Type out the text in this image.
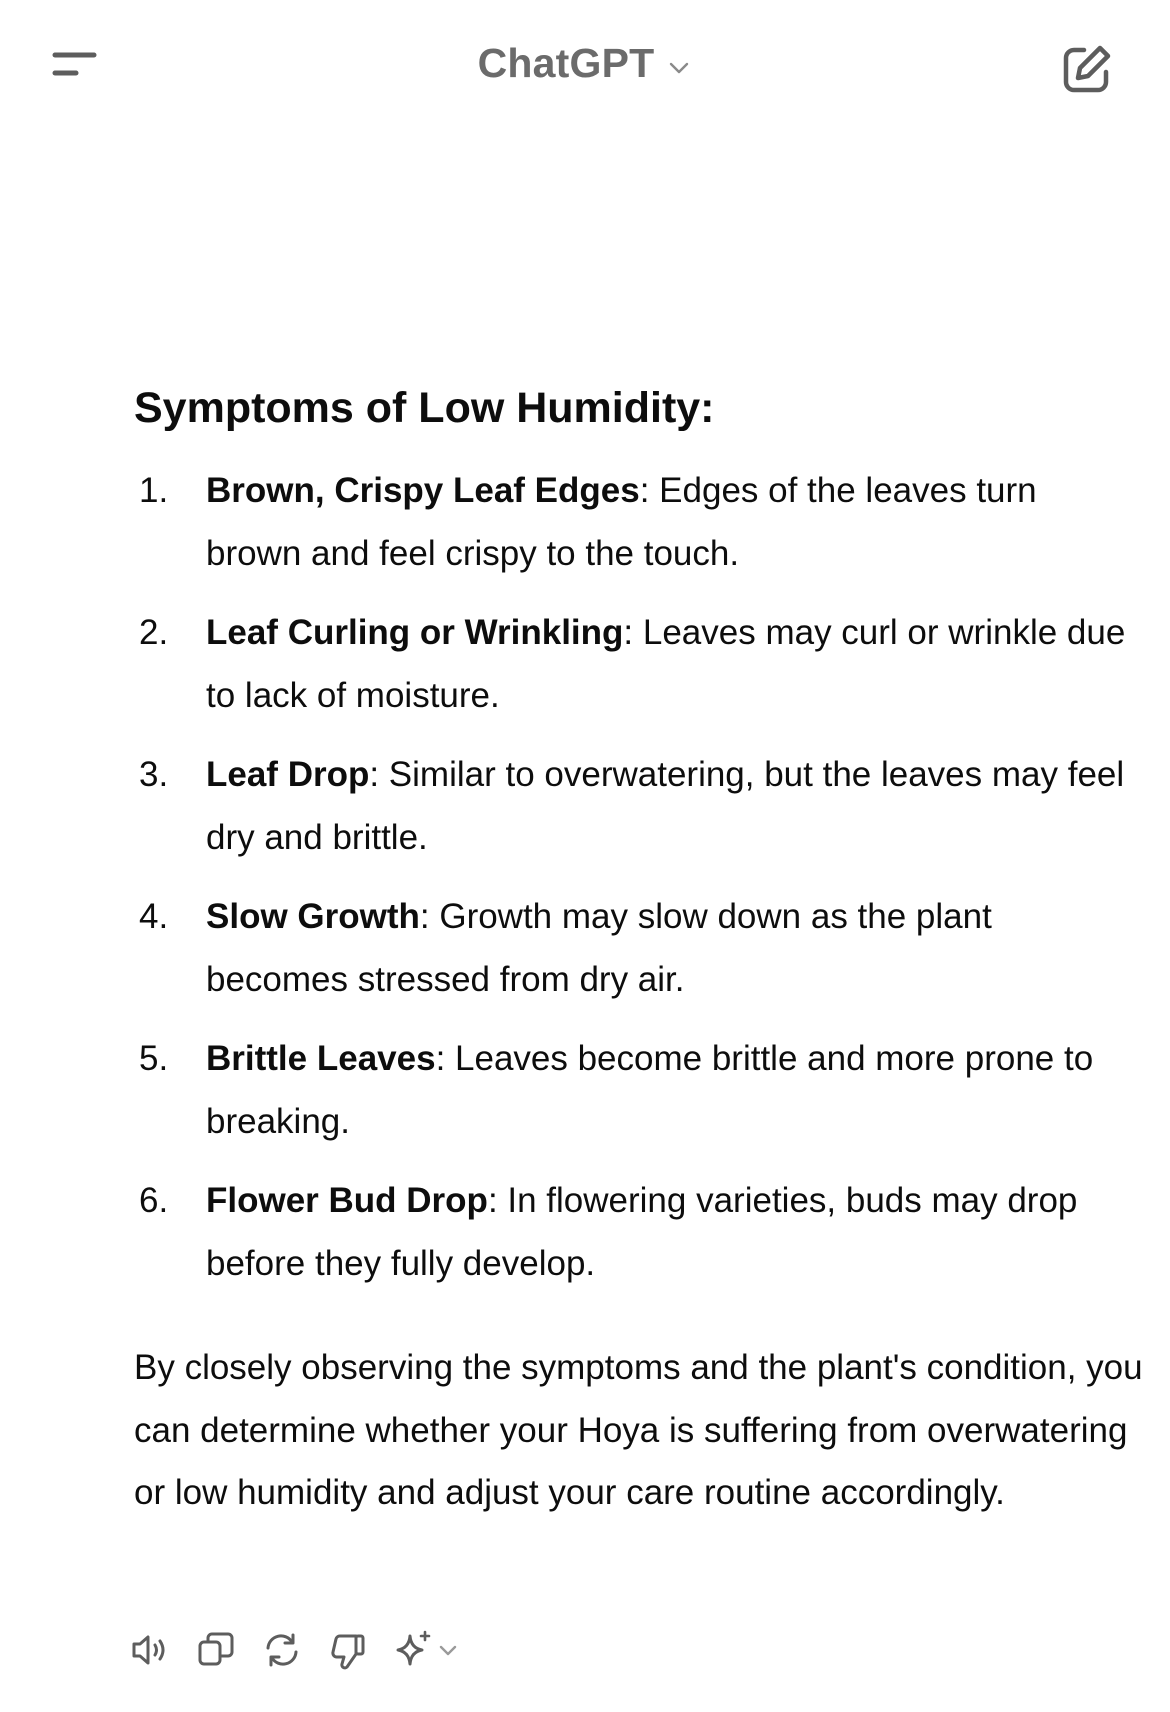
ChatGPT
Symptoms of Low Humidity:
1. Brown, Crispy Leaf Edges: Edges of the leaves turn brown and feel crispy to the touch.
2. Leaf Curling or Wrinkling: Leaves may curl or wrinkle due to lack of moisture.
3. Leaf Drop: Similar to overwatering, but the leaves may feel dry and brittle.
4. Slow Growth: Growth may slow down as the plant becomes stressed from dry air.
5. Brittle Leaves: Leaves become brittle and more prone to breaking.
6. Flower Bud Drop: In flowering varieties, buds may drop before they fully develop.

By closely observing the symptoms and the plant's condition, you can determine whether your Hoya is suffering from overwatering or low humidity and adjust your care routine accordingly.
